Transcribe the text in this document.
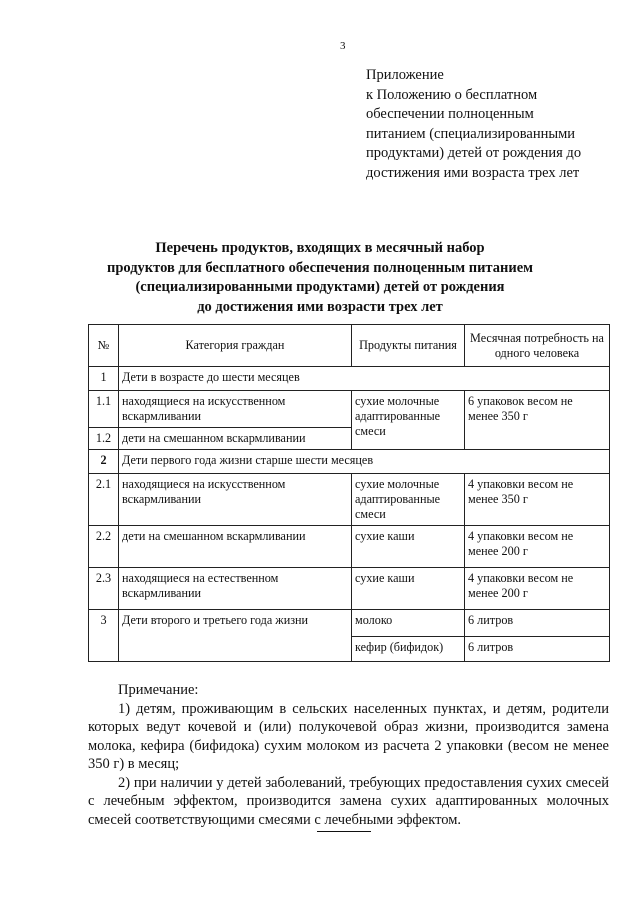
3
Приложение
к Положению о бесплатном
обеспечении полноценным
питанием (специализированными
продуктами) детей от рождения до
достижения ими возраста трех лет
Перечень продуктов, входящих в месячный набор
продуктов для бесплатного обеспечения полноценным питанием
(специализированными продуктами) детей от рождения
до достижения ими возрасти трех лет
№	Категория граждан	Продукты питания	Месячная потребность на одного человека
1	Дети в возрасте до шести месяцев		
1.1	находящиеся на искусственном вскармливании	сухие молочные адаптированные смеси	6 упаковок весом не менее 350 г
1.2	дети на смешанном вскармливании		
2	Дети первого года жизни старше шести месяцев		
2.1	находящиеся на искусственном вскармливании	сухие молочные адаптированные смеси	4 упаковки весом не менее 350 г
2.2	дети на смешанном вскармливании	сухие каши	4 упаковки весом не менее 200 г
2.3	находящиеся на естественном вскармливании	сухие каши	4 упаковки весом не менее 200 г
3	Дети второго и третьего года жизни	молоко	6 литров
		кефир (бифидок)	6 литров

Примечание:

1) детям, проживающим в сельских населенных пунктах, и детям, родители которых ведут кочевой и (или) полукочевой образ жизни, производится замена молока, кефира (бифидока) сухим молоком из расчета 2 упаковки (весом не менее 350 г) в месяц;

2) при наличии у детей заболеваний, требующих предоставления сухих смесей с лечебным эффектом, производится замена сухих адаптированных молочных смесей соответствующими смесями с лечебными эффектом.
